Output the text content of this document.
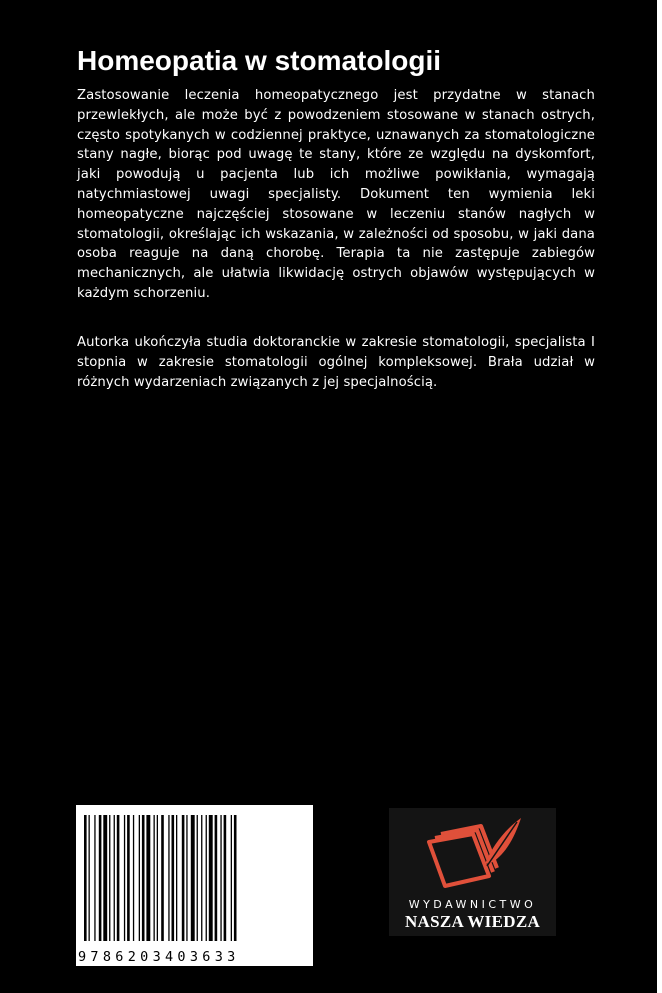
Homeopatia w stomatologii

Zastosowanie leczenia homeopatycznego jest przydatne w stanach przewlekłych, ale może być z powodzeniem stosowane w stanach ostrych, często spotykanych w codziennej praktyce, uznawanych za stomatologiczne stany nagłe, biorąc pod uwagę te stany, które ze względu na dyskomfort, jaki powodują u pacjenta lub ich możliwe powikłania, wymagają natychmiastowej uwagi specjalisty. Dokument ten wymienia leki homeopatyczne najczęściej stosowane w leczeniu stanów nagłych w stomatologii, określając ich wskazania, w zależności od sposobu, w jaki dana osoba reaguje na daną chorobę. Terapia ta nie zastępuje zabiegów mechanicznych, ale ułatwia likwidację ostrych objawów występujących w każdym schorzeniu.

Autorka ukończyła studia doktoranckie w zakresie stomatologii, specjalista I stopnia w zakresie stomatologii ogólnej kompleksowej. Brała udział w różnych wydarzeniach związanych z jej specjalnością.

9786203403633
WYDAWNICTWO
NASZA WIEDZA
